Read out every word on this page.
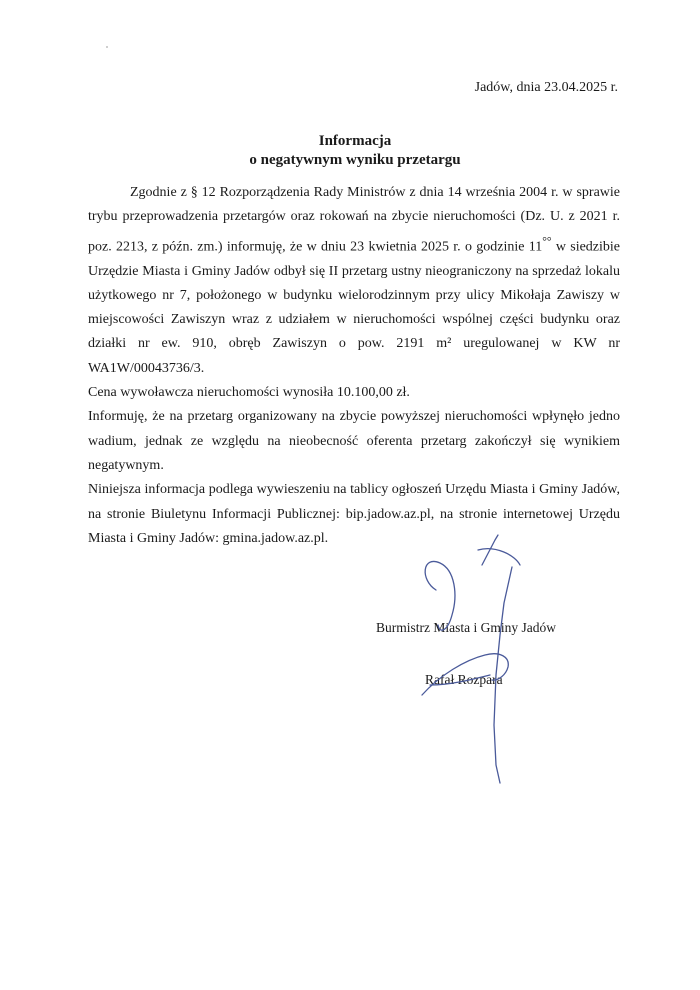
Jadów, dnia 23.04.2025 r.
Informacja
o negatywnym wyniku przetargu

Zgodnie z § 12 Rozporządzenia Rady Ministrów z dnia 14 września 2004 r. w sprawie trybu przeprowadzenia przetargów oraz rokowań na zbycie nieruchomości (Dz. U. z 2021 r. poz. 2213, z późn. zm.) informuję, że w dniu 23 kwietnia 2025 r. o godzinie 11°° w siedzibie Urzędzie Miasta i Gminy Jadów odbył się II przetarg ustny nieograniczony na sprzedaż lokalu użytkowego nr 7, położonego w budynku wielorodzinnym przy ulicy Mikołaja Zawiszy w miejscowości Zawiszyn wraz z udziałem w nieruchomości wspólnej części budynku oraz działki nr ew. 910, obręb Zawiszyn o pow. 2191 m² uregulowanej w KW nr WA1W/00043736/3.

Cena wywoławcza nieruchomości wynosiła 10.100,00 zł.

Informuję, że na przetarg organizowany na zbycie powyższej nieruchomości wpłynęło jedno wadium, jednak ze względu na nieobecność oferenta przetarg zakończył się wynikiem negatywnym.

Niniejsza informacja podlega wywieszeniu na tablicy ogłoszeń Urzędu Miasta i Gminy Jadów, na stronie Biuletynu Informacji Publicznej: bip.jadow.az.pl, na stronie internetowej Urzędu Miasta i Gminy Jadów: gmina.jadow.az.pl.

Burmistrz Miasta i Gminy Jadów
Rafał Rozpara
